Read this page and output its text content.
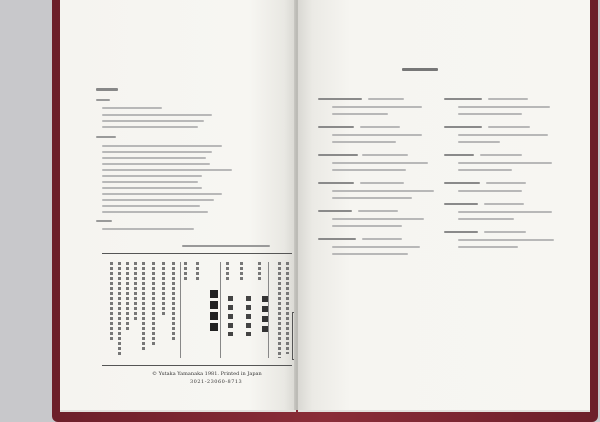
© Yutaka Yamanaka 1981. Printed in Japan
3021-23060-8713
